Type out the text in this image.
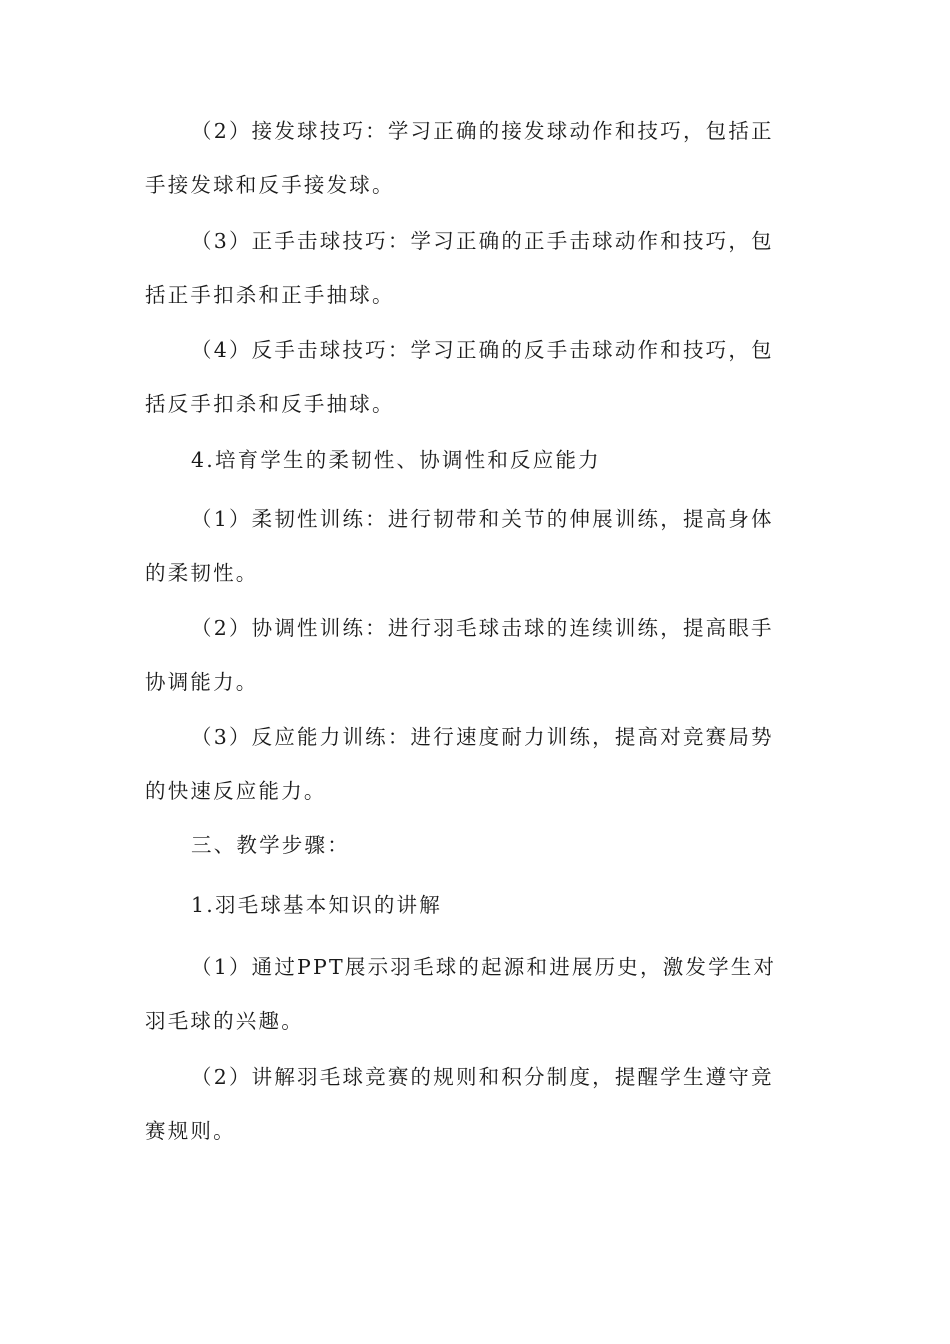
（2）接发球技巧：学习正确的接发球动作和技巧，包括正手接发球和反手接发球。

（3）正手击球技巧：学习正确的正手击球动作和技巧，包括正手扣杀和正手抽球。

（4）反手击球技巧：学习正确的反手击球动作和技巧，包括反手扣杀和反手抽球。

4.培育学生的柔韧性、协调性和反应能力

（1）柔韧性训练：进行韧带和关节的伸展训练，提高身体的柔韧性。

（2）协调性训练：进行羽毛球击球的连续训练，提高眼手协调能力。

（3）反应能力训练：进行速度耐力训练，提高对竞赛局势的快速反应能力。

三、教学步骤：

1.羽毛球基本知识的讲解

（1）通过PPT展示羽毛球的起源和进展历史，激发学生对羽毛球的兴趣。

（2）讲解羽毛球竞赛的规则和积分制度，提醒学生遵守竞赛规则。
